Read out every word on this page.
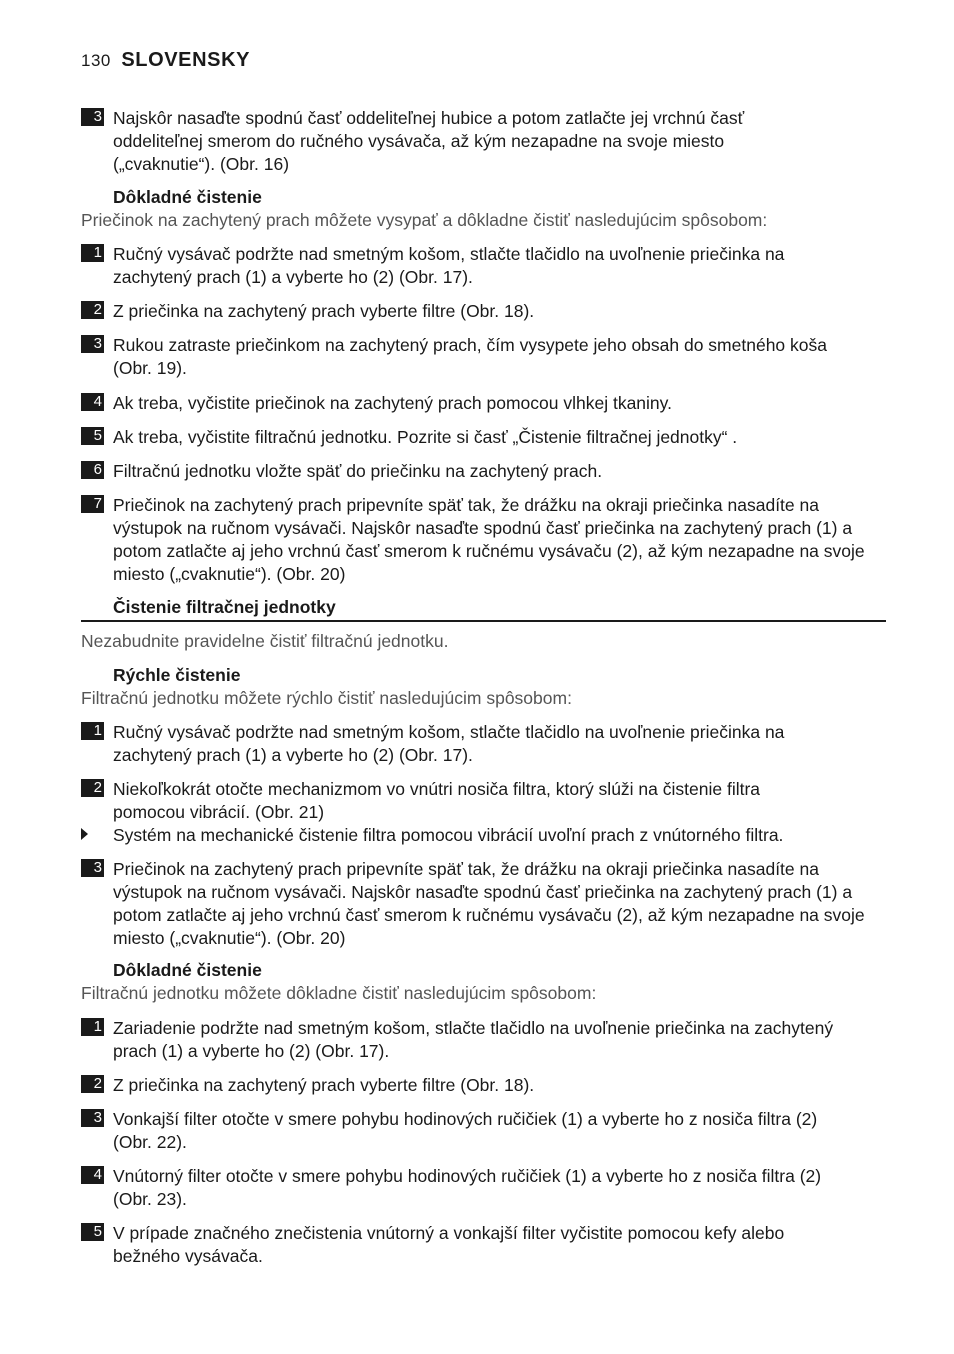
130 SLOVENSKY
3 Najskôr nasaďte spodnú časť oddeliteľnej hubice a potom zatlačte jej vrchnú časť oddeliteľnej smerom do ručného vysávača, až kým nezapadne na svoje miesto („cvaknutie“). (Obr. 16)
Dôkladné čistenie
Priečinok na zachytený prach môžete vysypať a dôkladne čistiť nasledujúcim spôsobom:
1 Ručný vysávač podržte nad smetným košom, stlačte tlačidlo na uvoľnenie priečinka na zachytený prach (1) a vyberte ho (2) (Obr. 17).
2 Z priečinka na zachytený prach vyberte filtre (Obr. 18).
3 Rukou zatraste priečinkom na zachytený prach, čím vysypete jeho obsah do smetného koša (Obr. 19).
4 Ak treba, vyčistite priečinok na zachytený prach pomocou vlhkej tkaniny.
5 Ak treba, vyčistite filtračnú jednotku. Pozrite si časť „Čistenie filtračnej jednotky“ .
6 Filtračnú jednotku vložte späť do priečinku na zachytený prach.
7 Priečinok na zachytený prach pripevníte späť tak, že drážku na okraji priečinka nasadíte na výstupok na ručnom vysávači. Najskôr nasaďte spodnú časť priečinka na zachytený prach (1) a potom zatlačte aj jeho vrchnú časť smerom k ručnému vysávaču (2), až kým nezapadne na svoje miesto („cvaknutie“). (Obr. 20)
Čistenie filtračnej jednotky
Nezabudnite pravidelne čistiť filtračnú jednotku.
Rýchle čistenie
Filtračnú jednotku môžete rýchlo čistiť nasledujúcim spôsobom:
1 Ručný vysávač podržte nad smetným košom, stlačte tlačidlo na uvoľnenie priečinka na zachytený prach (1) a vyberte ho (2) (Obr. 17).
2 Niekoľkokrát otočte mechanizmom vo vnútri nosiča filtra, ktorý slúži na čistenie filtra pomocou vibrácií. (Obr. 21)
Systém na mechanické čistenie filtra pomocou vibrácií uvoľní prach z vnútorného filtra.
3 Priečinok na zachytený prach pripevníte späť tak, že drážku na okraji priečinka nasadíte na výstupok na ručnom vysávači. Najskôr nasaďte spodnú časť priečinka na zachytený prach (1) a potom zatlačte aj jeho vrchnú časť smerom k ručnému vysávaču (2), až kým nezapadne na svoje miesto („cvaknutie“). (Obr. 20)
Dôkladné čistenie
Filtračnú jednotku môžete dôkladne čistiť nasledujúcim spôsobom:
1 Zariadenie podržte nad smetným košom, stlačte tlačidlo na uvoľnenie priečinka na zachytený prach (1) a vyberte ho (2) (Obr. 17).
2 Z priečinka na zachytený prach vyberte filtre (Obr. 18).
3 Vonkajší filter otočte v smere pohybu hodinových ručičiek (1) a vyberte ho z nosiča filtra (2) (Obr. 22).
4 Vnútorný filter otočte v smere pohybu hodinových ručičiek (1) a vyberte ho z nosiča filtra (2) (Obr. 23).
5 V prípade značného znečistenia vnútorný a vonkajší filter vyčistite pomocou kefy alebo bežného vysávača.
